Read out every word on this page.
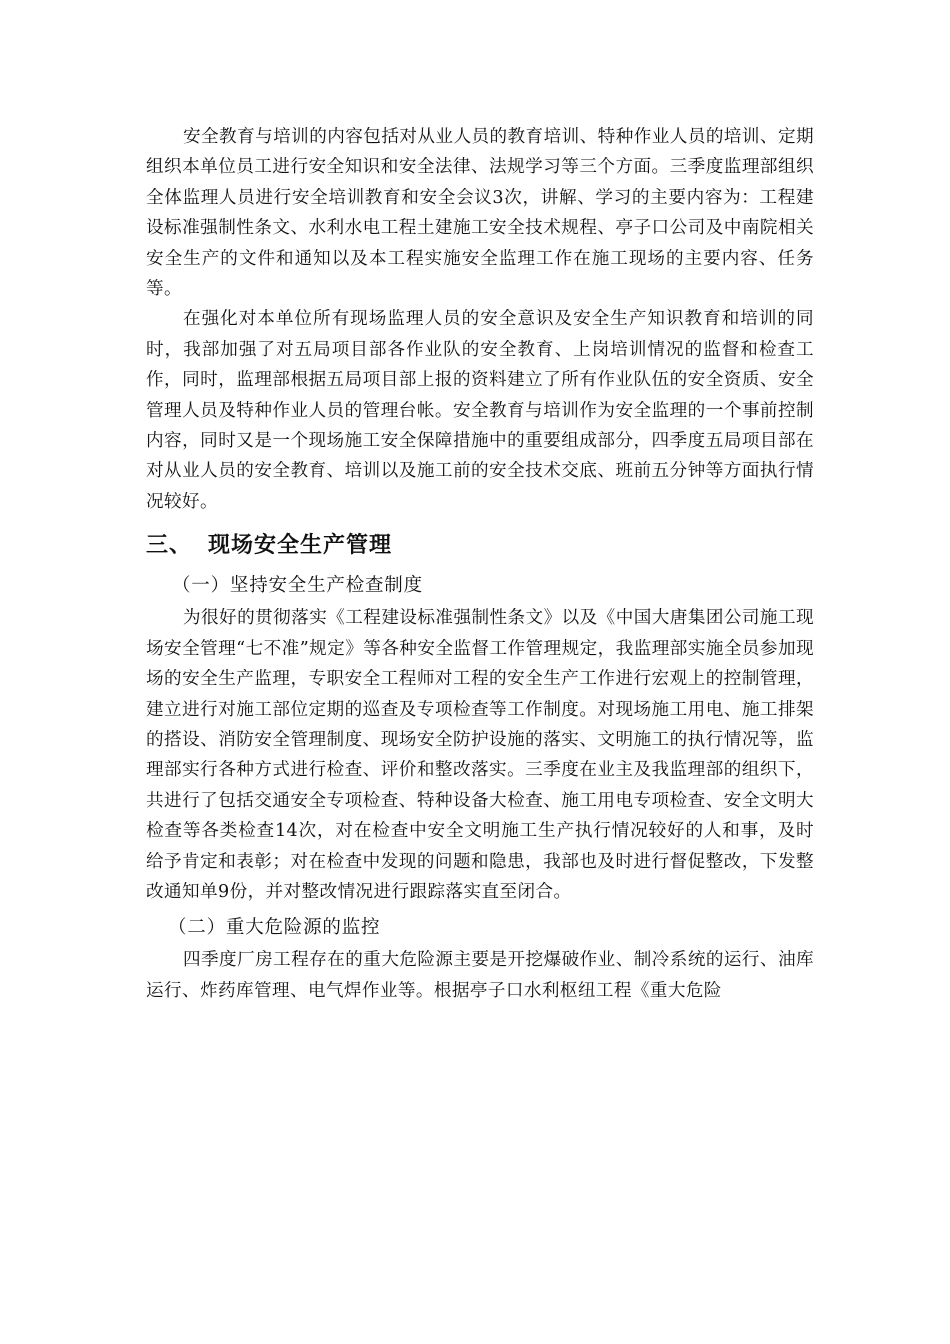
安全教育与培训的内容包括对从业人员的教育培训、特种作业人员的培训、定期组织本单位员工进行安全知识和安全法律、法规学习等三个方面。三季度监理部组织全体监理人员进行安全培训教育和安全会议3次，讲解、学习的主要内容为：工程建设标准强制性条文、水利水电工程土建施工安全技术规程、亭子口公司及中南院相关安全生产的文件和通知以及本工程实施安全监理工作在施工现场的主要内容、任务等。

在强化对本单位所有现场监理人员的安全意识及安全生产知识教育和培训的同时，我部加强了对五局项目部各作业队的安全教育、上岗培训情况的监督和检查工作，同时，监理部根据五局项目部上报的资料建立了所有作业队伍的安全资质、安全管理人员及特种作业人员的管理台帐。安全教育与培训作为安全监理的一个事前控制内容，同时又是一个现场施工安全保障措施中的重要组成部分，四季度五局项目部在对从业人员的安全教育、培训以及施工前的安全技术交底、班前五分钟等方面执行情况较好。

三、 现场安全生产管理
（一）坚持安全生产检查制度

为很好的贯彻落实《工程建设标准强制性条文》以及《中国大唐集团公司施工现场安全管理“七不准”规定》等各种安全监督工作管理规定，我监理部实施全员参加现场的安全生产监理，专职安全工程师对工程的安全生产工作进行宏观上的控制管理，建立进行对施工部位定期的巡查及专项检查等工作制度。对现场施工用电、施工排架的搭设、消防安全管理制度、现场安全防护设施的落实、文明施工的执行情况等，监理部实行各种方式进行检查、评价和整改落实。三季度在业主及我监理部的组织下，共进行了包括交通安全专项检查、特种设备大检查、施工用电专项检查、安全文明大检查等各类检查14次，对在检查中安全文明施工生产执行情况较好的人和事，及时给予肯定和表彰；对在检查中发现的问题和隐患，我部也及时进行督促整改，下发整改通知单9份，并对整改情况进行跟踪落实直至闭合。

（二）重大危险源的监控

四季度厂房工程存在的重大危险源主要是开挖爆破作业、制冷系统的运行、油库运行、炸药库管理、电气焊作业等。根据亭子口水利枢纽工程《重大危险
